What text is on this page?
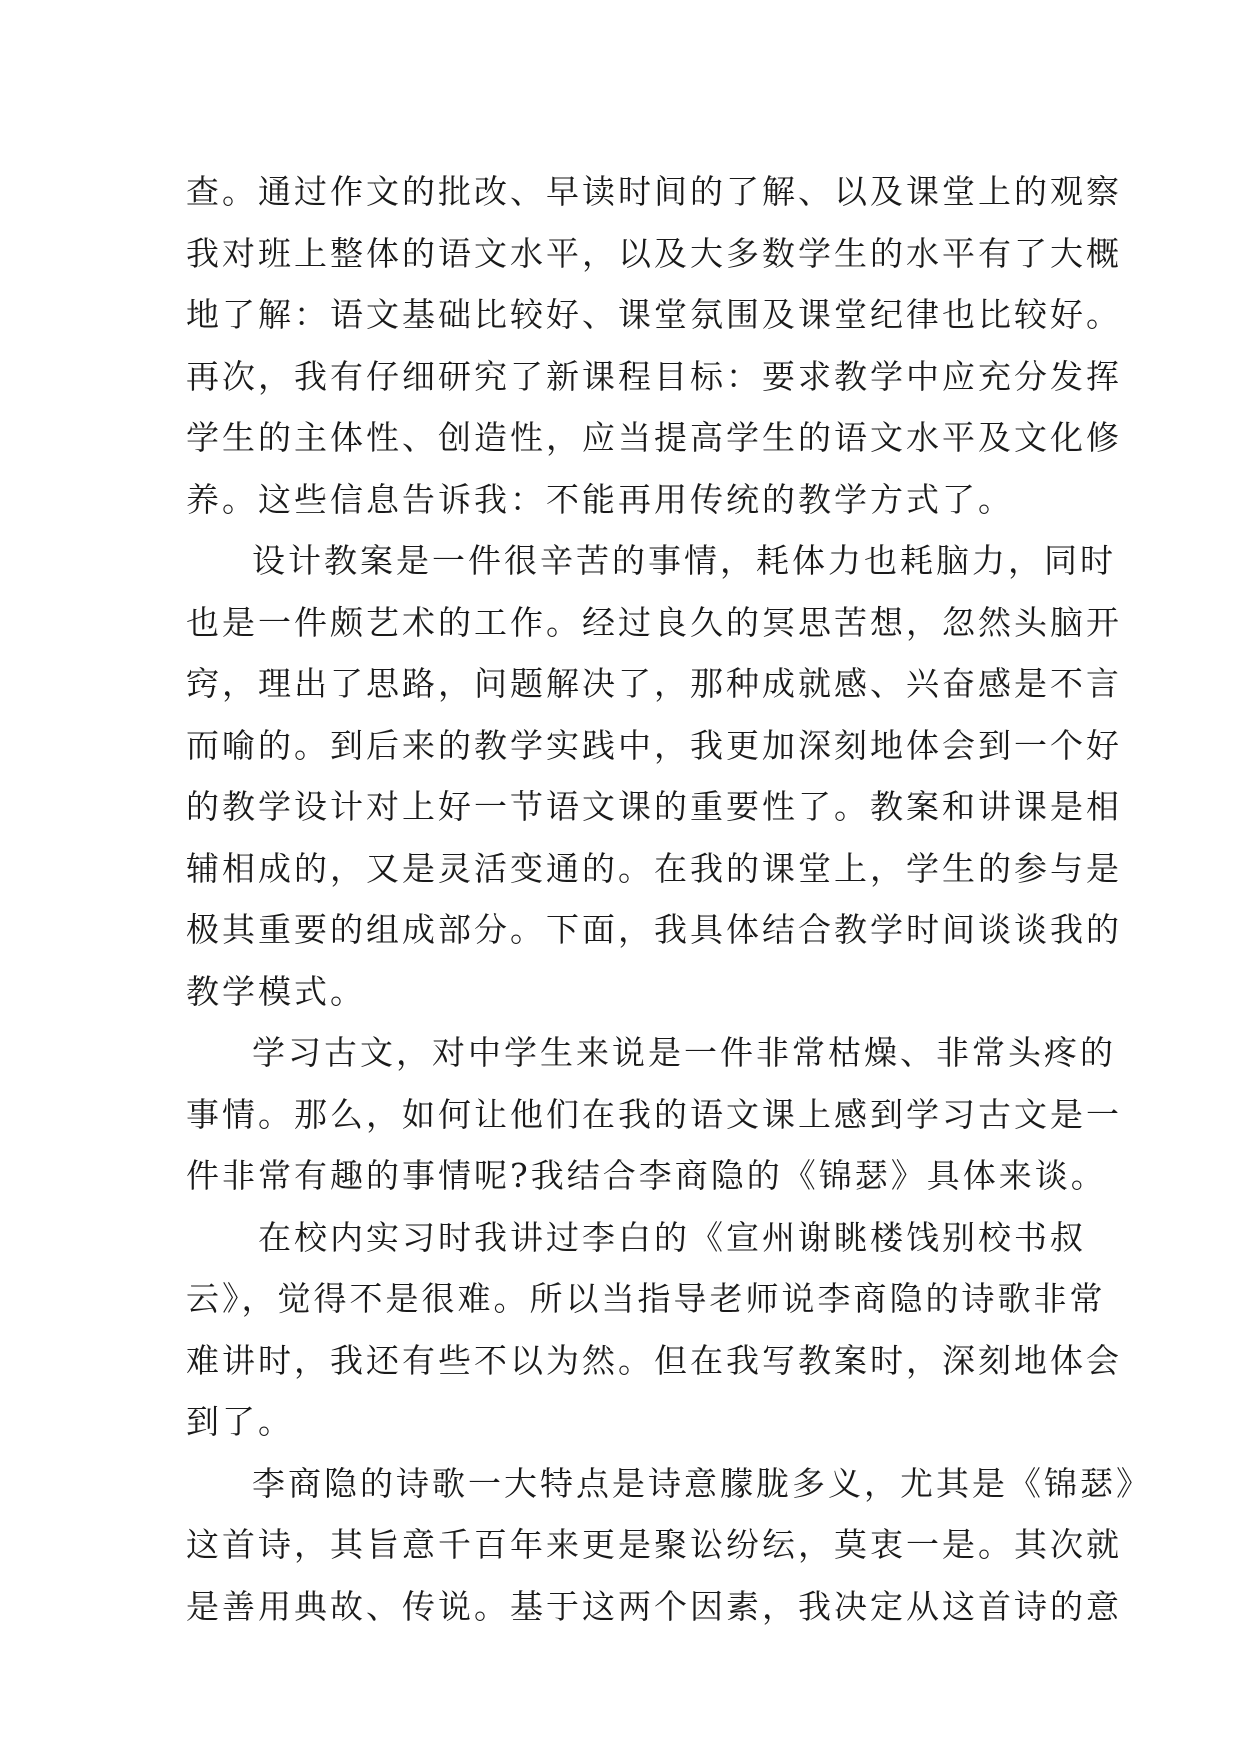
查。通过作文的批改、早读时间的了解、以及课堂上的观察
我对班上整体的语文水平，以及大多数学生的水平有了大概
地了解：语文基础比较好、课堂氛围及课堂纪律也比较好。
再次，我有仔细研究了新课程目标：要求教学中应充分发挥
学生的主体性、创造性，应当提高学生的语文水平及文化修
养。这些信息告诉我：不能再用传统的教学方式了。
设计教案是一件很辛苦的事情，耗体力也耗脑力，同时
也是一件颇艺术的工作。经过良久的冥思苦想，忽然头脑开
窍，理出了思路，问题解决了，那种成就感、兴奋感是不言
而喻的。到后来的教学实践中，我更加深刻地体会到一个好
的教学设计对上好一节语文课的重要性了。教案和讲课是相
辅相成的，又是灵活变通的。在我的课堂上，学生的参与是
极其重要的组成部分。下面，我具体结合教学时间谈谈我的
教学模式。
学习古文，对中学生来说是一件非常枯燥、非常头疼的
事情。那么，如何让他们在我的语文课上感到学习古文是一
件非常有趣的事情呢?我结合李商隐的《锦瑟》具体来谈。
在校内实习时我讲过李白的《宣州谢眺楼饯别校书叔
云》，觉得不是很难。所以当指导老师说李商隐的诗歌非常
难讲时，我还有些不以为然。但在我写教案时，深刻地体会
到了。
李商隐的诗歌一大特点是诗意朦胧多义，尤其是《锦瑟》
这首诗，其旨意千百年来更是聚讼纷纭，莫衷一是。其次就
是善用典故、传说。基于这两个因素，我决定从这首诗的意
